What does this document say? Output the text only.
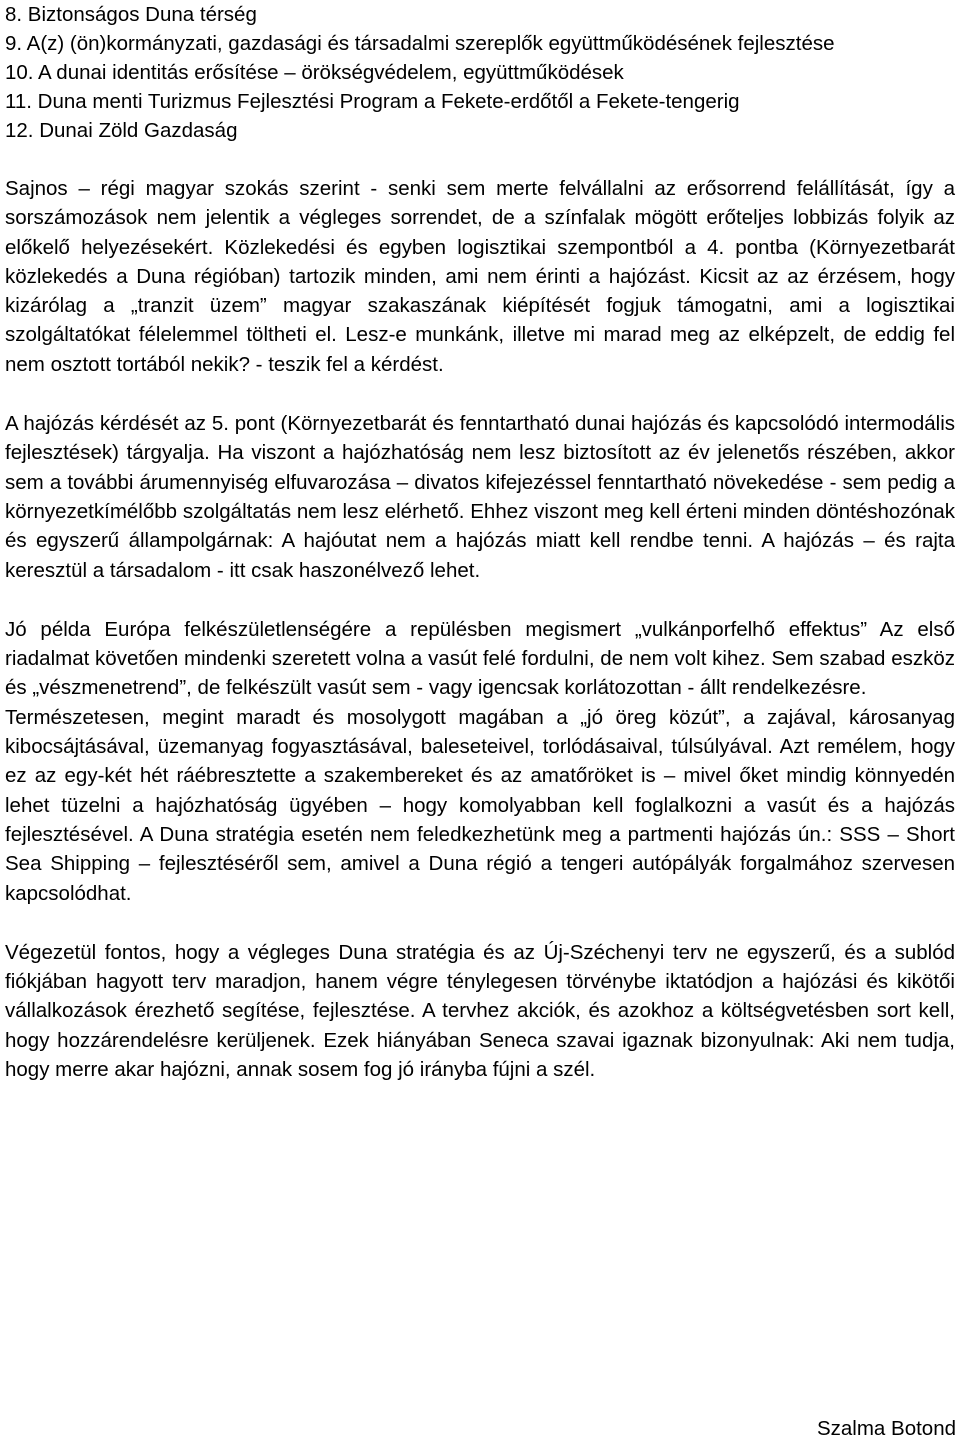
8. Biztonságos Duna térség

9. A(z) (ön)kormányzati, gazdasági és társadalmi szereplők együttműködésének fejlesztése

10. A dunai identitás erősítése – örökségvédelem, együttműködések

11. Duna menti Turizmus Fejlesztési Program a Fekete-erdőtől a Fekete-tengerig

12. Dunai Zöld Gazdaság

Sajnos – régi magyar szokás szerint - senki sem merte felvállalni az erősorrend felállítását, így a sorszámozások nem jelentik a végleges sorrendet, de a színfalak mögött erőteljes lobbizás folyik az előkelő helyezésekért. Közlekedési és egyben logisztikai szempontból a 4. pontba (Környezetbarát közlekedés a Duna régióban) tartozik minden, ami nem érinti a hajózást. Kicsit az az érzésem, hogy kizárólag a „tranzit üzem” magyar szakaszának kiépítését fogjuk támogatni, ami a logisztikai szolgáltatókat félelemmel töltheti el. Lesz-e munkánk, illetve mi marad meg az elképzelt, de eddig fel nem osztott tortából nekik? - teszik fel a kérdést.

A hajózás kérdését az 5. pont (Környezetbarát és fenntartható dunai hajózás és kapcsolódó intermodális fejlesztések) tárgyalja. Ha viszont a hajózhatóság nem lesz biztosított az év jelenetős részében, akkor sem a további árumennyiség elfuvarozása – divatos kifejezéssel fenntartható növekedése - sem pedig a környezetkímélőbb szolgáltatás nem lesz elérhető. Ehhez viszont meg kell érteni minden döntéshozónak és egyszerű állampolgárnak: A hajóutat nem a hajózás miatt kell rendbe tenni. A hajózás – és rajta keresztül a társadalom - itt csak haszonélvező lehet.

Jó példa Európa felkészületlenségére a repülésben megismert „vulkánporfelhő effektus” Az első riadalmat követően mindenki szeretett volna a vasút felé fordulni, de nem volt kihez. Sem szabad eszköz és „vészmenetrend”, de felkészült vasút sem - vagy igencsak korlátozottan - állt rendelkezésre.

Természetesen, megint maradt és mosolygott magában a „jó öreg közút”, a zajával, károsanyag kibocsájtásával, üzemanyag fogyasztásával, baleseteivel, torlódásaival, túlsúlyával. Azt remélem, hogy ez az egy-két hét ráébresztette a szakembereket és az amatőröket is – mivel őket mindig könnyedén lehet tüzelni a hajózhatóság ügyében – hogy komolyabban kell foglalkozni a vasút és a hajózás fejlesztésével. A Duna stratégia esetén nem feledkezhetünk meg a partmenti hajózás ún.: SSS – Short Sea Shipping – fejlesztéséről sem, amivel a Duna régió a tengeri autópályák forgalmához szervesen kapcsolódhat.

Végezetül fontos, hogy a végleges Duna stratégia és az Új-Széchenyi terv ne egyszerű, és a sublód fiókjában hagyott terv maradjon, hanem végre ténylegesen törvénybe iktatódjon a hajózási és kikötői vállalkozások érezhető segítése, fejlesztése. A tervhez akciók, és azokhoz a költségvetésben sort kell, hogy hozzárendelésre kerüljenek. Ezek hiányában Seneca szavai igaznak bizonyulnak: Aki nem tudja, hogy merre akar hajózni, annak sosem fog jó irányba fújni a szél.

Szalma Botond
